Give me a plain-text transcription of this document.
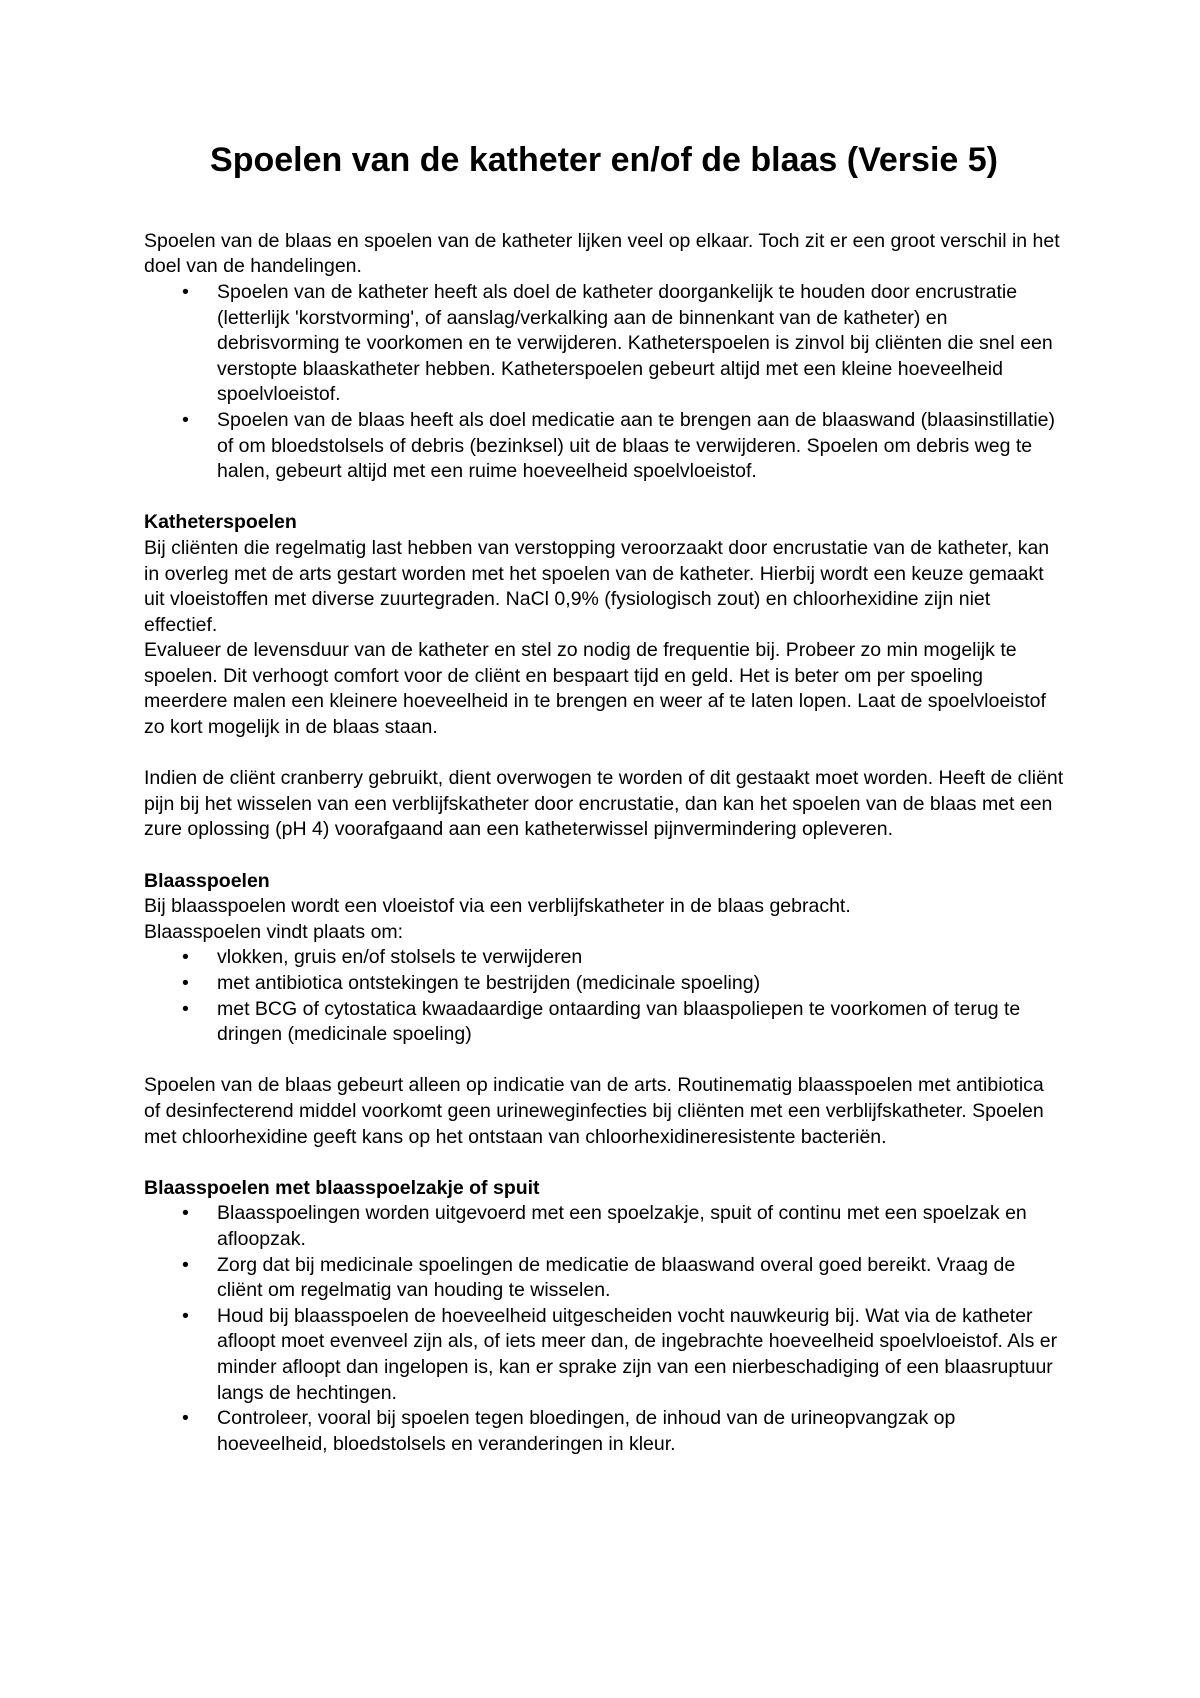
Spoelen van de katheter en/of de blaas (Versie 5)

Spoelen van de blaas en spoelen van de katheter lijken veel op elkaar. Toch zit er een groot verschil in het doel van de handelingen.

• Spoelen van de katheter heeft als doel de katheter doorgankelijk te houden door encrustratie (letterlijk 'korstvorming', of aanslag/verkalking aan de binnenkant van de katheter) en debrisvorming te voorkomen en te verwijderen. Katheterspoelen is zinvol bij cliënten die snel een verstopte blaaskatheter hebben. Katheterspoelen gebeurt altijd met een kleine hoeveelheid spoelvloeistof.
• Spoelen van de blaas heeft als doel medicatie aan te brengen aan de blaaswand (blaasinstillatie) of om bloedstolsels of debris (bezinksel) uit de blaas te verwijderen. Spoelen om debris weg te halen, gebeurt altijd met een ruime hoeveelheid spoelvloeistof.
Katheterspoelen

Bij cliënten die regelmatig last hebben van verstopping veroorzaakt door encrustatie van de katheter, kan in overleg met de arts gestart worden met het spoelen van de katheter. Hierbij wordt een keuze gemaakt uit vloeistoffen met diverse zuurtegraden. NaCl 0,9% (fysiologisch zout) en chloorhexidine zijn niet effectief.

Evalueer de levensduur van de katheter en stel zo nodig de frequentie bij. Probeer zo min mogelijk te spoelen. Dit verhoogt comfort voor de cliënt en bespaart tijd en geld. Het is beter om per spoeling meerdere malen een kleinere hoeveelheid in te brengen en weer af te laten lopen. Laat de spoelvloeistof zo kort mogelijk in de blaas staan.

Indien de cliënt cranberry gebruikt, dient overwogen te worden of dit gestaakt moet worden. Heeft de cliënt pijn bij het wisselen van een verblijfskatheter door encrustatie, dan kan het spoelen van de blaas met een zure oplossing (pH 4) voorafgaand aan een katheterwissel pijnvermindering opleveren.

Blaasspoelen

Bij blaasspoelen wordt een vloeistof via een verblijfskatheter in de blaas gebracht.

Blaasspoelen vindt plaats om:

• vlokken, gruis en/of stolsels te verwijderen
• met antibiotica ontstekingen te bestrijden (medicinale spoeling)
• met BCG of cytostatica kwaadaardige ontaarding van blaaspoliepen te voorkomen of terug te dringen (medicinale spoeling)

Spoelen van de blaas gebeurt alleen op indicatie van de arts. Routinematig blaasspoelen met antibiotica of desinfecterend middel voorkomt geen urineweginfecties bij cliënten met een verblijfskatheter. Spoelen met chloorhexidine geeft kans op het ontstaan van chloorhexidineresistente bacteriën.

Blaasspoelen met blaasspoelzakje of spuit
• Blaasspoelingen worden uitgevoerd met een spoelzakje, spuit of continu met een spoelzak en afloopzak.
• Zorg dat bij medicinale spoelingen de medicatie de blaaswand overal goed bereikt. Vraag de cliënt om regelmatig van houding te wisselen.
• Houd bij blaasspoelen de hoeveelheid uitgescheiden vocht nauwkeurig bij. Wat via de katheter afloopt moet evenveel zijn als, of iets meer dan, de ingebrachte hoeveelheid spoelvloeistof. Als er minder afloopt dan ingelopen is, kan er sprake zijn van een nierbeschadiging of een blaasruptuur langs de hechtingen.
• Controleer, vooral bij spoelen tegen bloedingen, de inhoud van de urineopvangzak op hoeveelheid, bloedstolsels en veranderingen in kleur.
